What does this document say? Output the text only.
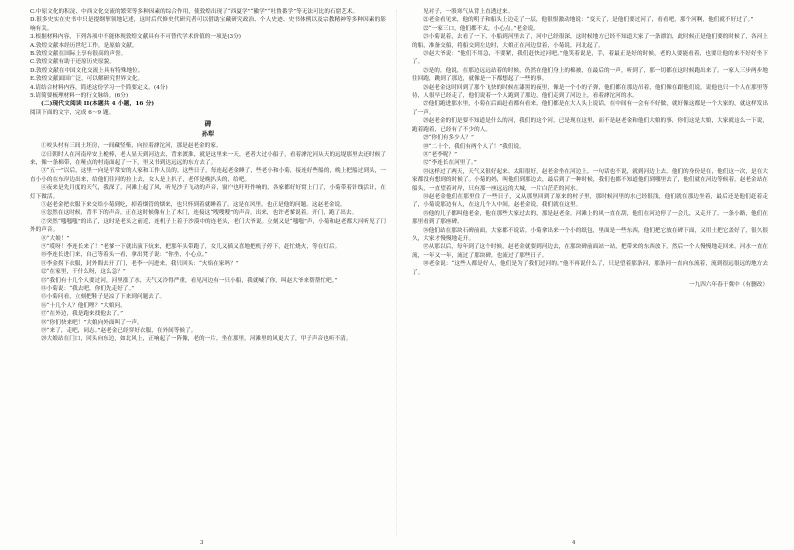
C.中原文化的积淀、中西文化交流的繁荣等多种因素的综合作用，使敦煌出现了“西夏学”“徽学”“吐鲁番学”等无法可比的石窟艺术。

D.很多史实在史书中只是提纲挈领地记述，这时后代修史代研究者可以借助宝藏研究政治、个人史迹、史书体例以及宗教精神等多种因素的影响有关。

3.根据材料内容，下列各项中不能体现敦煌文献具有不可替代学术价值的一项是(3分)

A.敦煌文献本经历世纪工作，是原始文献。

B.敦煌文献在国际上享有很高的声誉。

C.敦煌文献有助于还原历史原貌。

D.敦煌文献在中国文化交流上具有特殊地位。

E.敦煌文献面国广泛，可以解研究世界文化。

4.请结合材料内容，简述这份学习一个简要定义。(4分)

5.请简要梳理材料一的行文脉络。(6分)

(二)现代文阅读 II(本题共 4 小题，16 分)

阅读下面的文字，完成 6～9 题。

碑
孙犁

①咬头村有三间土坯房，一间藏竖柴，向拉着滹沱河，那是赵老金的家。

②日朝时人在河南岸安上桅棒，老人显天到河边去，背来渡淮，就是这里来一天，老者大过小船子，看着滹沱河从天的远堤那里去还时候了来，像一条棉带，在哑点的村南面起了一下，里又书到达远远的东方去了。

③“五一”以后，这里一向是平常安的人家和工作人员的。这些日子，每连起老金睡了，些老小和小菊，接连好些船的，晚上把船过到头，一直小小的在东岸边出来，给他们往河的拉上去，女人是上扒子，老伴是晚扒头的，给吧。

④夜来是先月度的天气，我深了，河滩上起了风，听见沙子飞动的声音，窗户也吁吁作响的，各家都好好窝上门了，小菊带着针线活计，在灯下做活。

⑤赵老金把衣服下来交给小菊到吃，掉着烟管的烟来，也只怀到着就睡着了。这是在风里，也正是他的问题。这赵老金说。

⑥忽然在这时候，背半下的声音，正在这时候像有上了木门，连接这“嗖嗖嗖”的声音。出来，也许老爹说着。开门，跑了出去。

⑦突然“嗤嗤嗤”的出了，这时是老头之前近，连机子上着于沙漠中的连老头，老门大爷说。立刻又是“嗤嗤”声，小菊和赵老都大河听见了门外的声音。

⑧“大娘！”

⑨“哎呀！李连长来了！”老爹一下就出演下炕来，把那年头带跑了，女儿又插又喜地把机子停下，赶忙烧火，等在灯后。

⑩李连长进门来，自己等着头一看，拿出凳子说：“你坐，小心点。”

⑪李金拐下衣服，封外間去开了门，老李一闪进来，我只回头：“火焰在家吗？”

⑫“在家里，干什么呀，这么急？”

⑬“我们有十几个人要过河，河里涨了水，天气又冷得严重，看见河边有一只小船，我就喊了你，叫赵大爷来帮帮忙吧。”

⑭小菊说：“我去吧，你们先走好了。”

⑮小菊问看，立刻把鞋子是凉了下来到问题去了。

⑯“十几个人？他们哩？”大娘问。

⑰“在外边，我是跑来找他去了。”

⑱“你们快来吧！”大娘向外面叫了一声。

⑲“来了，走吧，同志。”赵老金已经穿好衣服，在外间等候了。

⑳大娘站在门口，回头向东边，如北风上，正响起了一阵像，老的一片，坐在那里，河滩里的风更大了，甲子声音也听不清。

见对子，一股寒气从背上直透过来。

㉑老金看见来，他的明子和船头上边走了一层，他很恨激动地说：“变天了，是他们要过河了，看看吧，那个河啊，他们就不好过了。”

㉒“一家三口，他们都不太，小心点。”老金说。

㉓小菊说着，去看了一下，小船到河里去了，河中已经很深，这时候地方已经不知道大家了一条漂泊，此时候正是他们要的时候了，各河上的船，准备交船，将船交到左边时，大娘正在河边盘着，小菊说，河北起了。

㉔赵大爷说：“他们不用急，不要紧，我们赶快过河吧。”他笑着说是，手，着最正是好的时候，老的人要能看着，也要让他的来不好好坐下了。

㉕是的，他说，在那边远远站着的时候，仍然在他们身上的棉被，在最后的一声，听到了，那一切都在这时候跑出来了。一家人三步两步地往回跑，跳到了那边，就像是一下都想起了一些的事。

㉖赵老金这时回到了那个飞快的时候在漆黑的夜里，像是一个小的子弹，他们都在那边吊着，他们像在跟他们说，说他也只一个人在那里等待，人很早已经走了，他们说着一个人跑到了那边，他们走到了河边上，看着滹沱河的水。

㉗他们跑进那水里，小菊在后面赶看都有看来，他们都是在大人头上说话，在中间有一会有不好做，就好像这都是一个大家的，就这样发出了一声。

㉘赵老金的们是要不知道是什么的河，我们的这个河，已是现在这里，而不是赵老金和他们大娘的事，你们这是大娘，大家就这么一下说，跑着跑着，已经有了不少的人。

㉙“你们有多少人？”

㉚“二十个，我们有两个人了！”我们说。

㉛“老李呢？”

㉜“李连长在河里了。”

㉝这样过了两天，天气又很好起来。太阳很好，赵老金坐在河边上，一句话也不说，就到河边上去。他们的身份是在，他们这一次，是在大家都没有想到的时候了。小菊的妈，叫他们到那边去，最后到了一种时候，我们也都不知道他们到哪里去了，他们就在河边等候着，赵老金站在船头，一直望着对岸，只有那一座远远的大城，一片白茫茫的河水。

㉞赵老金他们在那里住了一些日子，又从那里回到了原来的村子里，那时候河里的水已经很浅，他们就在那边坐着，最后还是他们赶着走了，小菊说那边有人，在这几个人中间，赵老金说，我们就在这里。

㉟他的儿子都叫他老金，他在那些大家过去的，那是赵老金。河滩上的风一直在刮，他们在河边停了一会儿，又走开了。一条小路，他们在那里看到了那座碑。

㊱他们站在那块石碑前面，大家都不说话。小菊拿出来一个小的纸包，里面是一些东西，他们把它放在碑下面，又用土把它盖好了，很久很久，大家才慢慢地走开。

㊲从那以后，每年到了这个时候，赵老金就要到河边去，在那块碑前面站一站，把带来的东西放下，然后一个人慢慢地走回来。河水一直在流，一年又一年，流过了那块碑，也流过了那些日子。

㊳老金说：“这些人都是好人，他们是为了我们过河的。”他不再说什么了，只是望着那条河，那条河一直向东流着，流到很远很远的地方去了。

一九四六年春于冀中（有删改）
3	4
